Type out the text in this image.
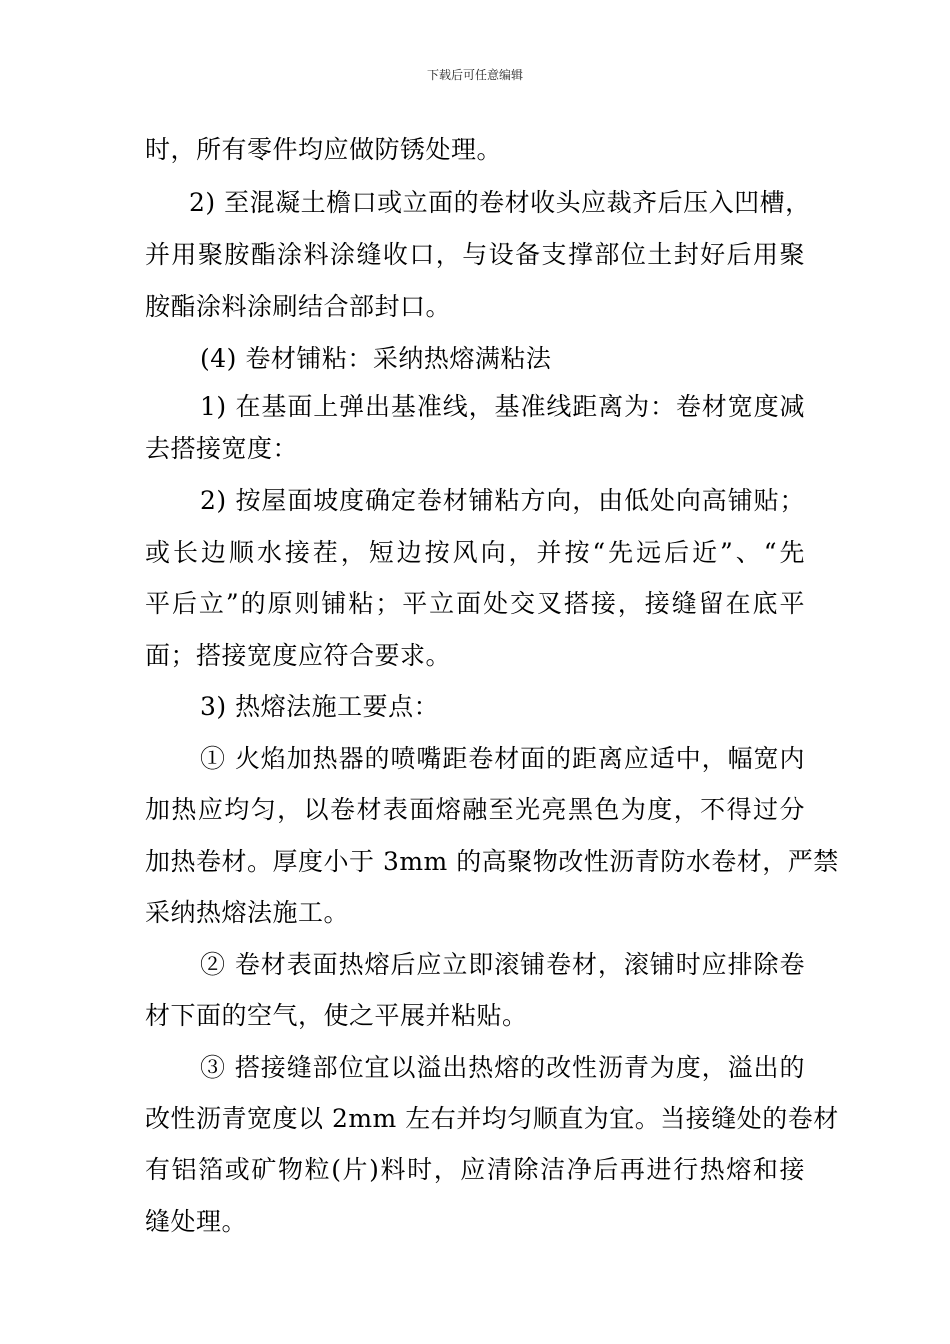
下载后可任意编辑
时，所有零件均应做防锈处理。
2) 至混凝土檐口或立面的卷材收头应裁齐后压入凹槽，
并用聚胺酯涂料涂缝收口，与设备支撑部位土封好后用聚
胺酯涂料涂刷结合部封口。
(4) 卷材铺粘：采纳热熔满粘法
1) 在基面上弹出基准线，基准线距离为：卷材宽度减
去搭接宽度：
2) 按屋面坡度确定卷材铺粘方向，由低处向高铺贴；
或长边顺水接茬，短边按风向，并按“先远后近”、“先
平后立”的原则铺粘；平立面处交叉搭接，接缝留在底平
面；搭接宽度应符合要求。
3) 热熔法施工要点：
① 火焰加热器的喷嘴距卷材面的距离应适中，幅宽内
加热应均匀，以卷材表面熔融至光亮黑色为度，不得过分
加热卷材。厚度小于 3mm 的高聚物改性沥青防水卷材，严禁
采纳热熔法施工。
② 卷材表面热熔后应立即滚铺卷材，滚铺时应排除卷
材下面的空气，使之平展并粘贴。
③ 搭接缝部位宜以溢出热熔的改性沥青为度，溢出的
改性沥青宽度以 2mm 左右并均匀顺直为宜。当接缝处的卷材
有铝箔或矿物粒(片)料时，应清除洁净后再进行热熔和接
缝处理。
